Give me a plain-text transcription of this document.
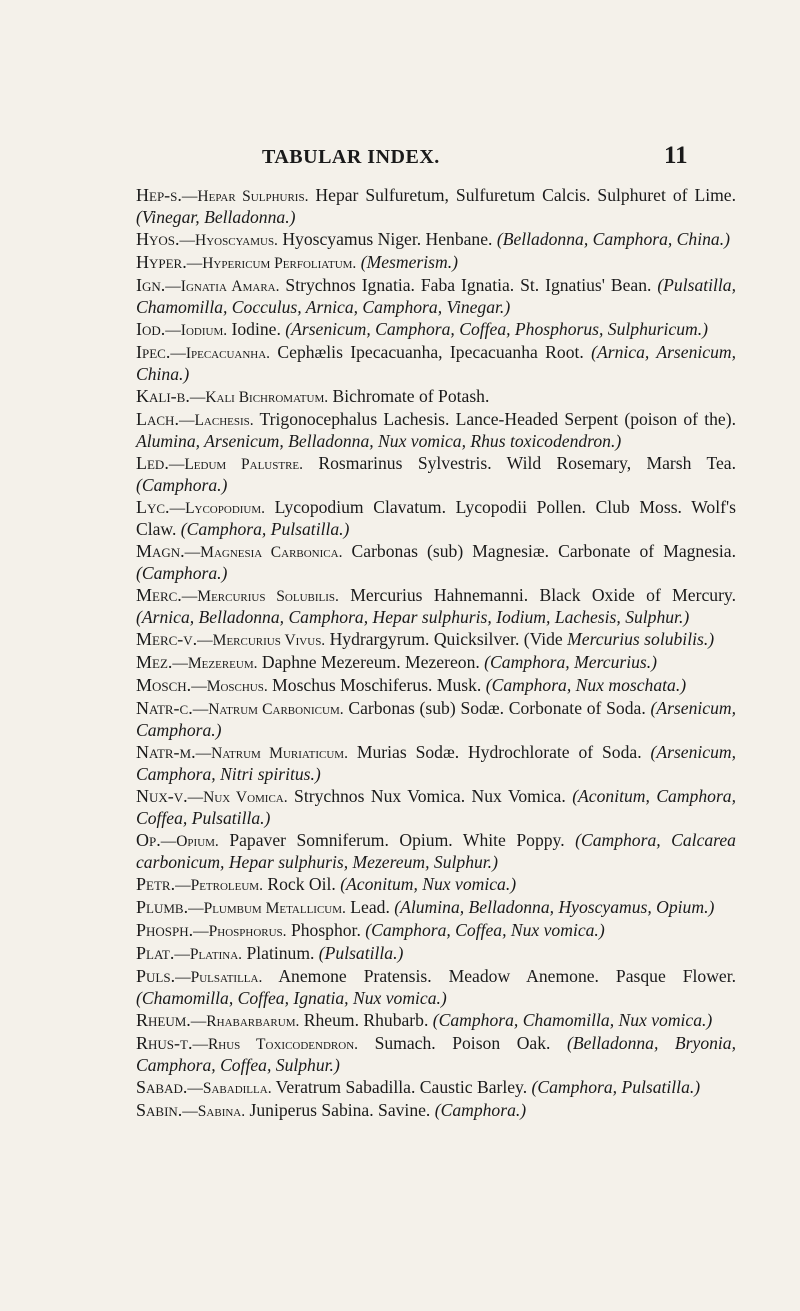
TABULAR INDEX.	11

Hep-s.—Hepar Sulphuris. Hepar Sulfuretum, Sulfuretum Calcis. Sulphuret of Lime. (Vinegar, Belladonna.)

Hyos.—Hyoscyamus. Hyoscyamus Niger. Henbane. (Belladonna, Camphora, China.)

Hyper.—Hypericum Perfoliatum. (Mesmerism.)

Ign.—Ignatia Amara. Strychnos Ignatia. Faba Ignatia. St. Ignatius' Bean. (Pulsatilla, Chamomilla, Cocculus, Arnica, Camphora, Vinegar.)

Iod.—Iodium. Iodine. (Arsenicum, Camphora, Coffea, Phosphorus, Sulphuricum.)

Ipec.—Ipecacuanha. Cephælis Ipecacuanha, Ipecacuanha Root. (Arnica, Arsenicum, China.)

Kali-b.—Kali Bichromatum. Bichromate of Potash.

Lach.—Lachesis. Trigonocephalus Lachesis. Lance-Headed Serpent (poison of the). Alumina, Arsenicum, Belladonna, Nux vomica, Rhus toxicodendron.)

Led.—Ledum Palustre. Rosmarinus Sylvestris. Wild Rosemary, Marsh Tea. (Camphora.)

Lyc.—Lycopodium. Lycopodium Clavatum. Lycopodii Pollen. Club Moss. Wolf's Claw. (Camphora, Pulsatilla.)

Magn.—Magnesia Carbonica. Carbonas (sub) Magnesiæ. Carbonate of Magnesia. (Camphora.)

Merc.—Mercurius Solubilis. Mercurius Hahnemanni. Black Oxide of Mercury. (Arnica, Belladonna, Camphora, Hepar sulphuris, Iodium, Lachesis, Sulphur.)

Merc-v.—Mercurius Vivus. Hydrargyrum. Quicksilver. (Vide Mercurius solubilis.)

Mez.—Mezereum. Daphne Mezereum. Mezereon. (Camphora, Mercurius.)

Mosch.—Moschus. Moschus Moschiferus. Musk. (Camphora, Nux moschata.)

Natr-c.—Natrum Carbonicum. Carbonas (sub) Sodæ. Corbonate of Soda. (Arsenicum, Camphora.)

Natr-m.—Natrum Muriaticum. Murias Sodæ. Hydrochlorate of Soda. (Arsenicum, Camphora, Nitri spiritus.)

Nux-v.—Nux Vomica. Strychnos Nux Vomica. Nux Vomica. (Aconitum, Camphora, Coffea, Pulsatilla.)

Op.—Opium. Papaver Somniferum. Opium. White Poppy. (Camphora, Calcarea carbonicum, Hepar sulphuris, Mezereum, Sulphur.)

Petr.—Petroleum. Rock Oil. (Aconitum, Nux vomica.)

Plumb.—Plumbum Metallicum. Lead. (Alumina, Belladonna, Hyoscyamus, Opium.)

Phosph.—Phosphorus. Phosphor. (Camphora, Coffea, Nux vomica.)

Plat.—Platina. Platinum. (Pulsatilla.)

Puls.—Pulsatilla. Anemone Pratensis. Meadow Anemone. Pasque Flower. (Chamomilla, Coffea, Ignatia, Nux vomica.)

Rheum.—Rhabarbarum. Rheum. Rhubarb. (Camphora, Chamomilla, Nux vomica.)

Rhus-t.—Rhus Toxicodendron. Sumach. Poison Oak. (Belladonna, Bryonia, Camphora, Coffea, Sulphur.)

Sabad.—Sabadilla. Veratrum Sabadilla. Caustic Barley. (Camphora, Pulsatilla.)

Sabin.—Sabina. Juniperus Sabina. Savine. (Camphora.)
